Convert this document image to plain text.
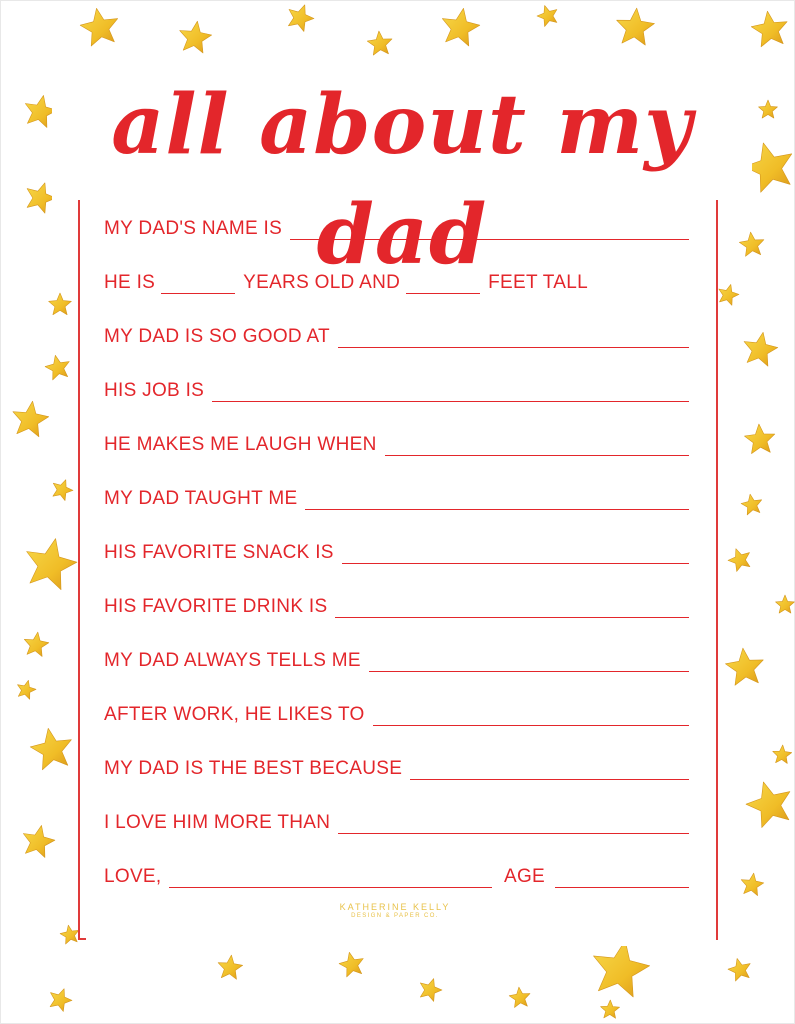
all about my dad
MY DAD'S NAME IS
HE IS	YEARS OLD AND	FEET TALL
MY DAD IS SO GOOD AT
HIS JOB IS
HE MAKES ME LAUGH WHEN
MY DAD TAUGHT ME
HIS FAVORITE SNACK IS
HIS FAVORITE DRINK IS
MY DAD ALWAYS TELLS ME
AFTER WORK, HE LIKES TO
MY DAD IS THE BEST BECAUSE
I LOVE HIM MORE THAN
LOVE,	AGE
KATHERINE KELLY
DESIGN & PAPER CO.
